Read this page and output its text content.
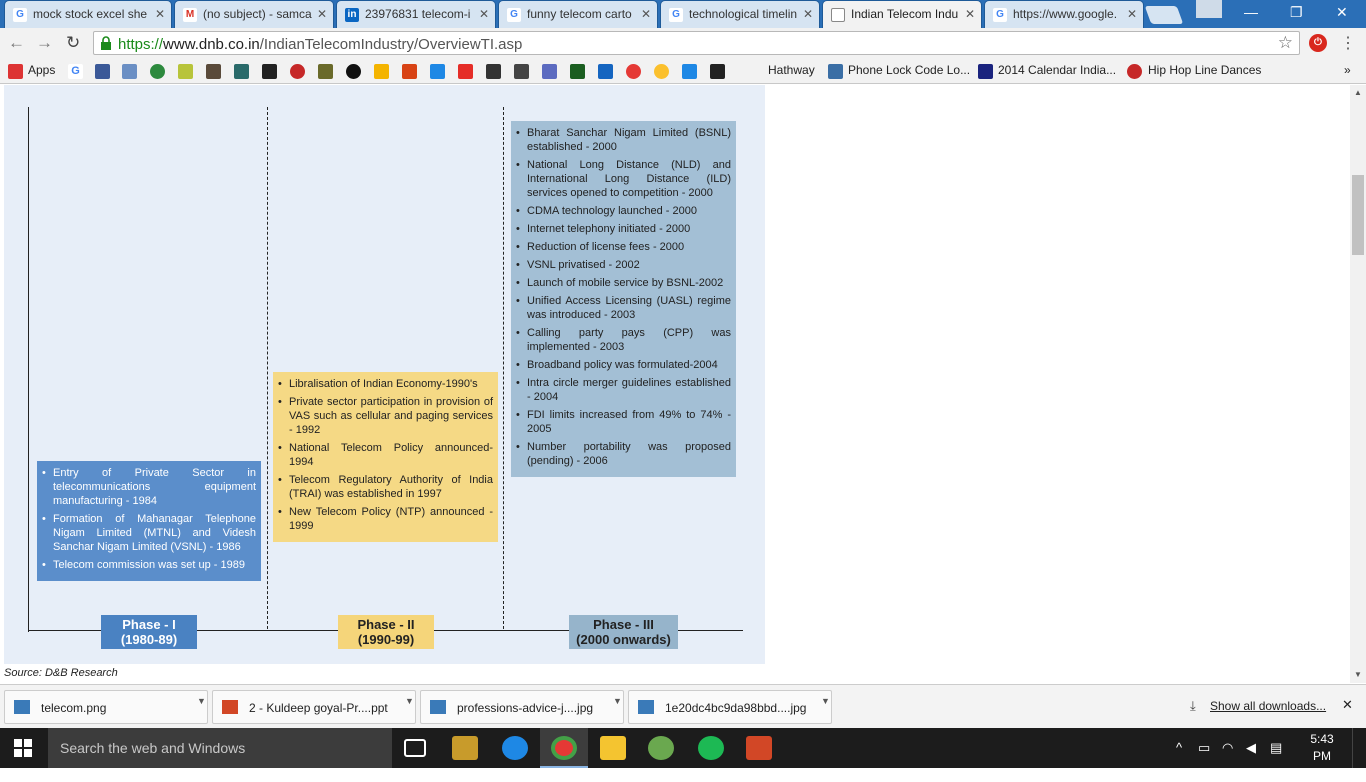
G mock stock excel she ✕ M (no subject) - samca ✕ in 23976831 telecom-i ✕	G funny telecom carto ✕	G technological timelin ✕	Indian Telecom Indu ✕	G https://www.google. ✕	— ❐ ✕
← → ↻	https://www.dnb.co.in/IndianTelecomIndustry/OverviewTI.asp	☆	⏻	⋮
Apps G	Hathway	Phone Lock Code Lo... 2014 Calendar India...	Hip Hop Line Dances	»
• Entry of Private Sector in telecommunications equipment manufacturing - 1984
• Formation of Mahanagar Telephone Nigam Limited (MTNL) and Videsh Sanchar Nigam Limited (VSNL) - 1986
• Telecom commission was set up - 1989
• Libralisation of Indian Economy-1990's
• Private sector participation in provision of VAS such as cellular and paging services - 1992
• National Telecom Policy announced- 1994
• Telecom Regulatory Authority of India (TRAI) was established in 1997
• New Telecom Policy (NTP) announced - 1999
• Bharat Sanchar Nigam Limited (BSNL) established - 2000
• National Long Distance (NLD) and International Long Distance (ILD) services opened to competition - 2000
• CDMA technology launched - 2000
• Internet telephony initiated - 2000
• Reduction of license fees - 2000
• VSNL privatised - 2002
• Launch of mobile service by BSNL-2002
• Unified Access Licensing (UASL) regime was introduced - 2003
• Calling party pays (CPP) was implemented - 2003
• Broadband policy was formulated-2004
• Intra circle merger guidelines established - 2004
• FDI limits increased from 49% to 74% - 2005
• Number portability was proposed (pending) - 2006
Phase - I
(1980-89)
Phase - II
(1990-99)
Phase - III
(2000 onwards)
Source: D&B Research
▲
▼
telecom.png	▼	2 - Kuldeep goyal-Pr....ppt ▼	professions-advice-j....jpg ▼	1e20dc4bc9da98bbd....jpg ▼	⤓ Show all downloads... ✕
Search the web and Windows	^ ▭ ◠ ◀ ▤
5:43 PM
1/8/2016
